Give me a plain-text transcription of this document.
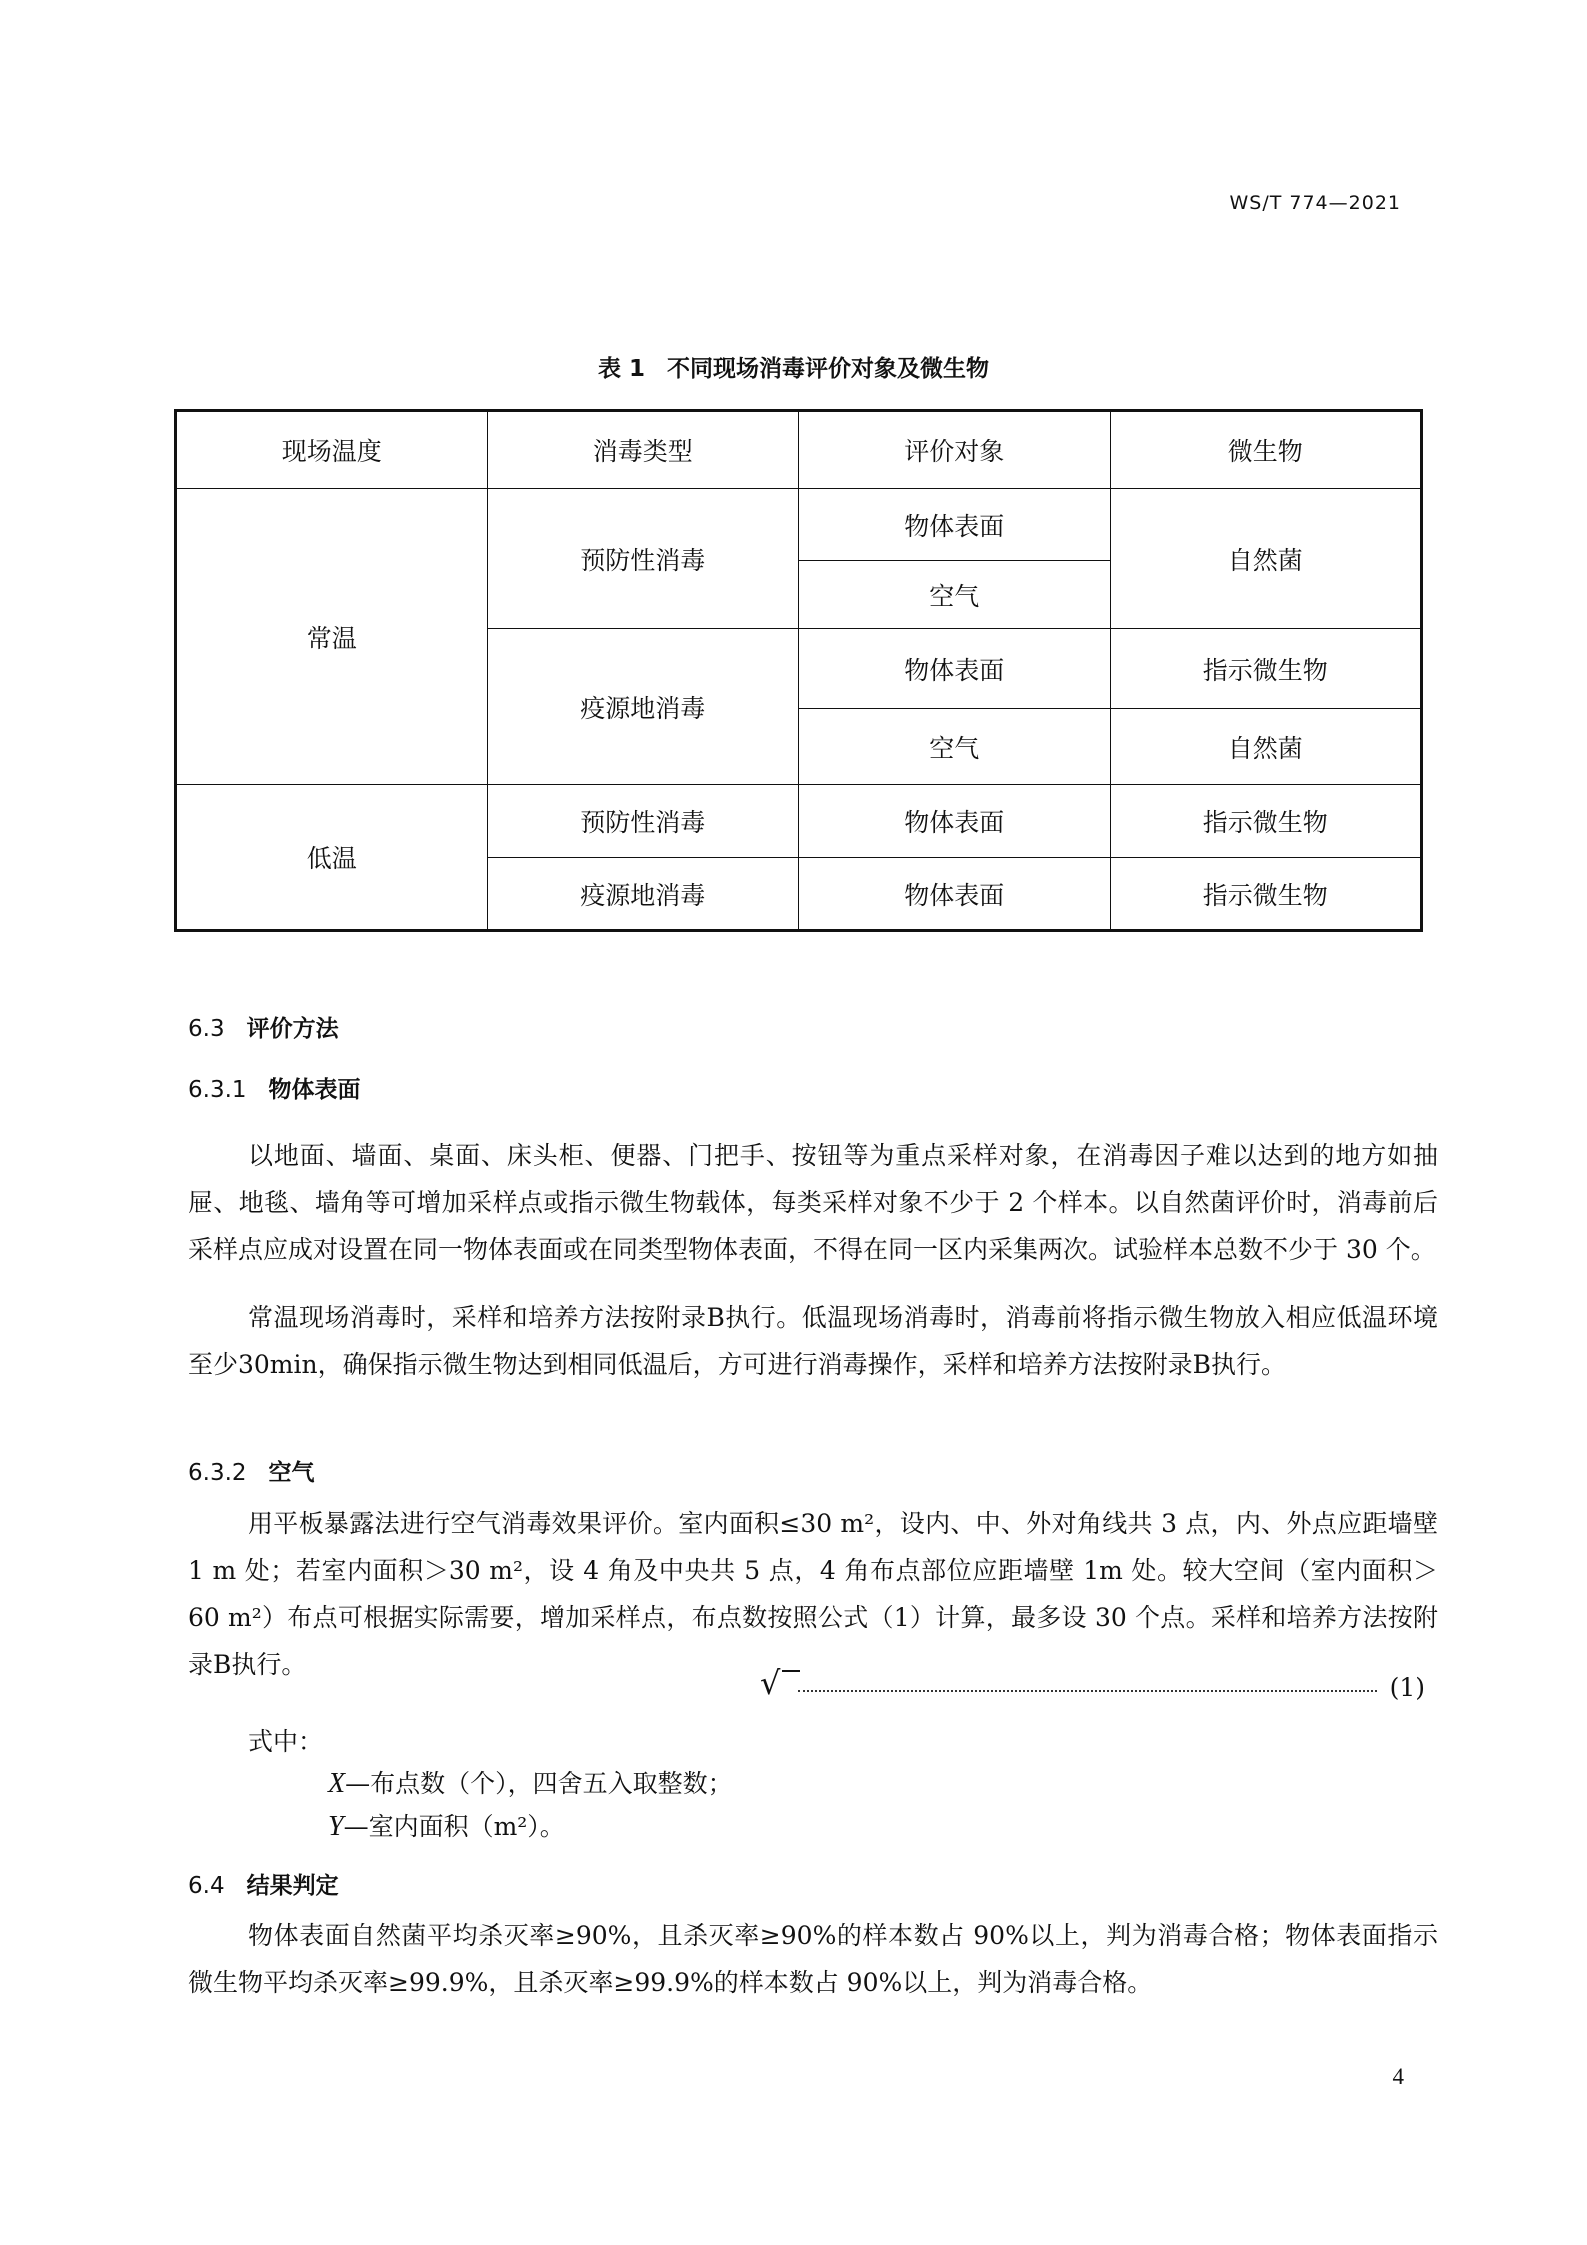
WS/T 774—2021
表 1 不同现场消毒评价对象及微生物
现场温度	消毒类型	评价对象	微生物
常温	预防性消毒	物体表面	自然菌
		空气	
	疫源地消毒	物体表面	指示微生物
		空气	自然菌
低温	预防性消毒	物体表面	指示微生物
	疫源地消毒	物体表面	指示微生物
6.3 评价方法
6.3.1 物体表面

以地面、墙面、桌面、床头柜、便器、门把手、按钮等为重点采样对象，在消毒因子难以达到的地方如抽屉、地毯、墙角等可增加采样点或指示微生物载体，每类采样对象不少于 2 个样本。以自然菌评价时，消毒前后采样点应成对设置在同一物体表面或在同类型物体表面，不得在同一区内采集两次。试验样本总数不少于 30 个。

常温现场消毒时，采样和培养方法按附录B执行。低温现场消毒时，消毒前将指示微生物放入相应低温环境至少30min，确保指示微生物达到相同低温后，方可进行消毒操作，采样和培养方法按附录B执行。

6.3.2 空气

用平板暴露法进行空气消毒效果评价。室内面积≤30 m²，设内、中、外对角线共 3 点，内、外点应距墙壁 1 m 处；若室内面积＞30 m²，设 4 角及中央共 5 点，4 角布点部位应距墙壁 1m 处。较大空间（室内面积＞60 m²）布点可根据实际需要，增加采样点，布点数按照公式（1）计算，最多设 30 个点。采样和培养方法按附录B执行。	√	(1)
式中：
X—布点数（个），四舍五入取整数；
Y—室内面积（m²）。
6.4 结果判定

物体表面自然菌平均杀灭率≥90%，且杀灭率≥90%的样本数占 90%以上，判为消毒合格；物体表面指示微生物平均杀灭率≥99.9%，且杀灭率≥99.9%的样本数占 90%以上，判为消毒合格。

4
